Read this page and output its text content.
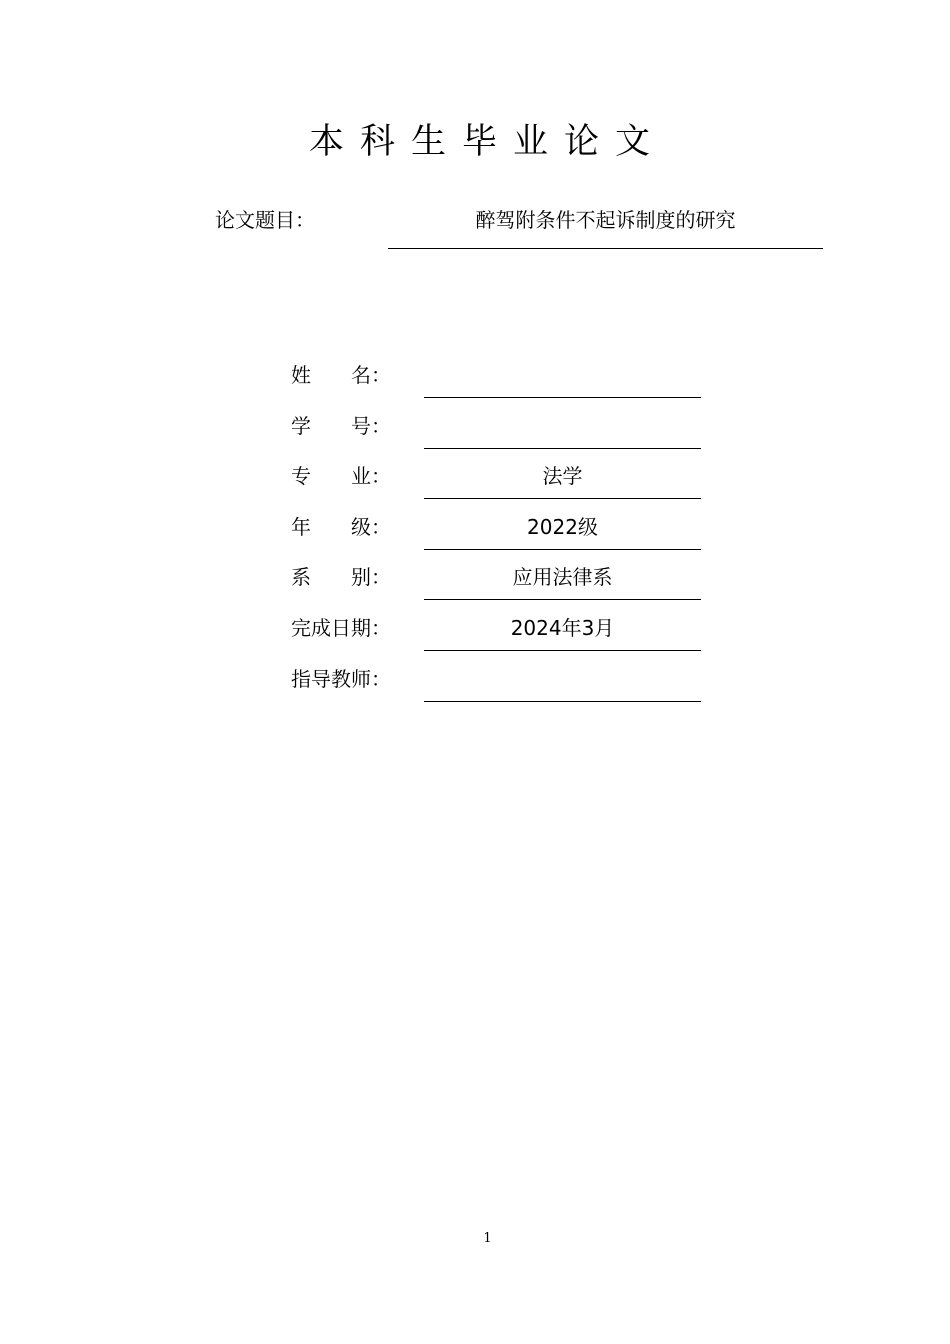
本科生毕业论文
论文题目：	醉驾附条件不起诉制度的研究
姓　　名：
学　　号：
专　　业：	法学
年　　级：	2022级
系　　别：	应用法律系
完成日期：	2024年3月
指导教师：
1
